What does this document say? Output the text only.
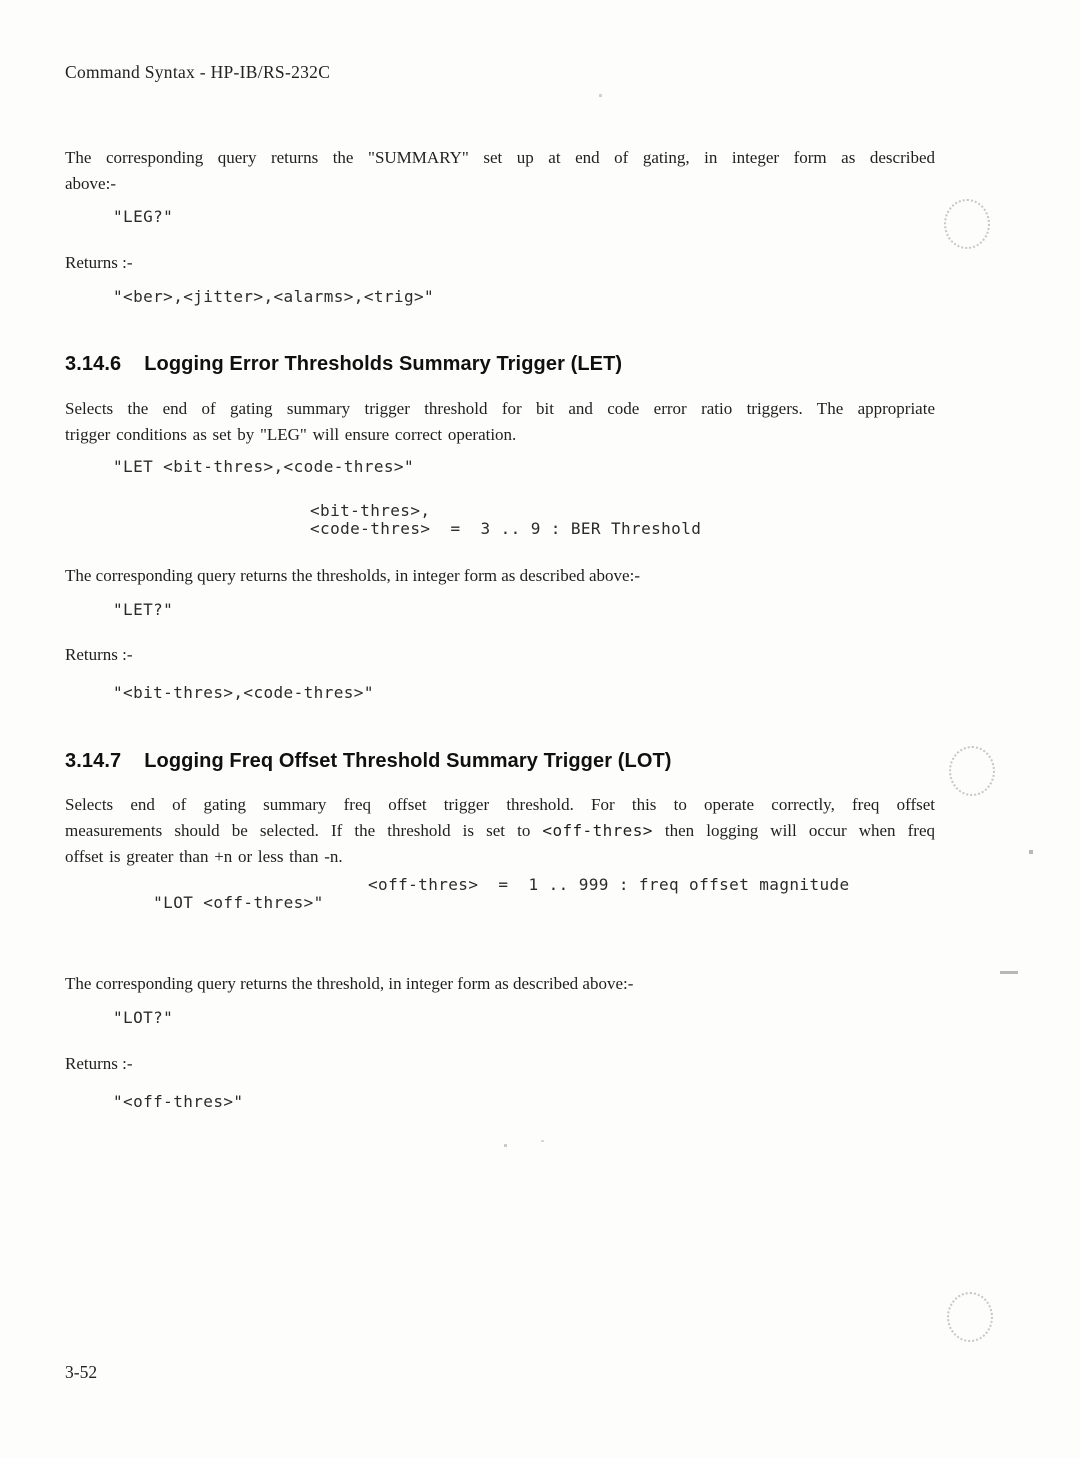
Command Syntax - HP-IB/RS-232C
The corresponding query returns the "SUMMARY" set up at end of gating, in integer form as described
above:-
"LEG?"
Returns :-
"<ber>,<jitter>,<alarms>,<trig>"
3.14.6 Logging Error Thresholds Summary Trigger (LET)
Selects the end of gating summary trigger threshold for bit and code error ratio triggers. The appropriate
trigger conditions as set by "LEG" will ensure correct operation.
"LET <bit-thres>,<code-thres>"
<bit-thres>,
<code-thres>  =  3 .. 9 : BER Threshold
The corresponding query returns the thresholds, in integer form as described above:-
"LET?"
Returns :-
"<bit-thres>,<code-thres>"
3.14.7 Logging Freq Offset Threshold Summary Trigger (LOT)
Selects end of gating summary freq offset trigger threshold. For this to operate correctly, freq offset
measurements should be selected. If the threshold is set to <off-thres> then logging will occur when freq
offset is greater than +n or less than -n.

"LOT <off-thres>"

<off-thres>  =  1 .. 999 : freq offset magnitude

The corresponding query returns the threshold, in integer form as described above:-
"LOT?"
Returns :-
"<off-thres>"
3-52
